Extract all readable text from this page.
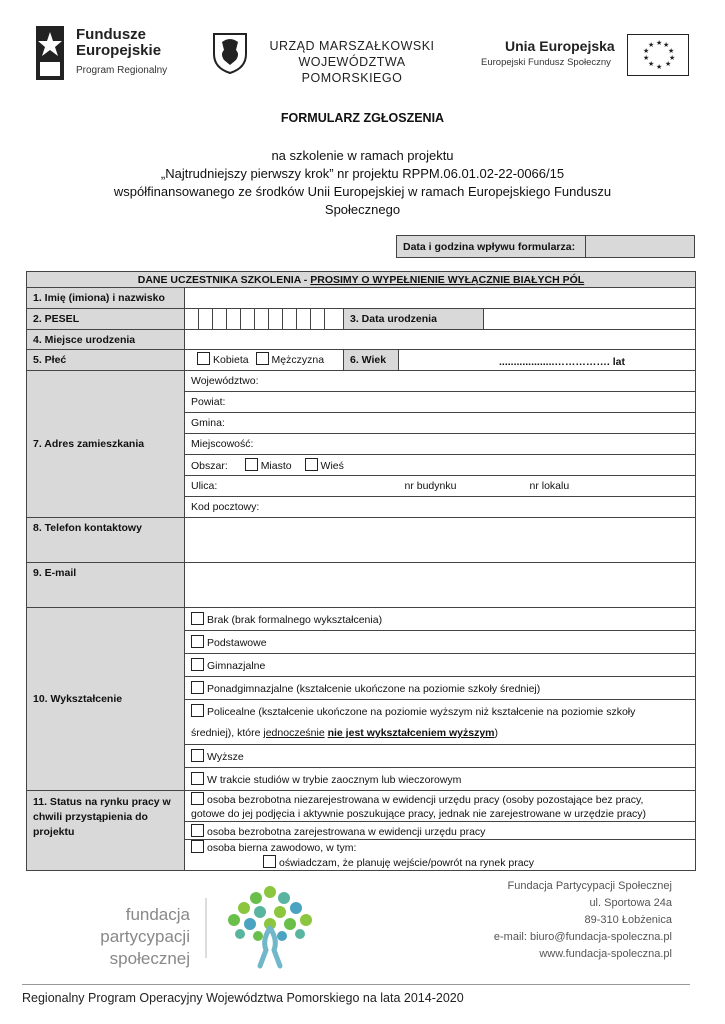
Fundusze
Europejskie
Program Regionalny
URZĄD MARSZAŁKOWSKI
WOJEWÓDZTWA POMORSKIEGO
Unia Europejska
Europejski Fundusz Społeczny
★ ★
★
★
★
★
★
★
★
★
FORMULARZ ZGŁOSZENIA
na szkolenie w ramach projektu
„Najtrudniejszy pierwszy krok” nr projektu RPPM.06.01.02-22-0066/15
współfinansowanego ze środków Unii Europejskiej w ramach Europejskiego Funduszu
Społecznego
Data i godzina wpływu formularza:	
DANE UCZESTNIKA SZKOLENIA - PROSIMY O WYPEŁNIENIE WYŁĄCZNIE BIAŁYCH PÓL	
1. Imię (imiona) i nazwisko	
2. PESEL	3. Data urodzenia

4. Miejsce urodzenia	
5. Płeć	Kobieta Mężczyzna 6. Wiek ...................……………. lat

7. Adres zamieszkania	Województwo:
	Powiat:
	Gmina:
	Miejscowość:
	Obszar: Miasto Wieś
	Ulica: nr budynku nr lokalu

	Kod pocztowy:
8. Telefon kontaktowy	
9. E-mail	
10. Wykształcenie	Brak (brak formalnego wykształcenia)
	Podstawowe
	Gimnazjalne
	Ponadgimnazjalne (kształcenie ukończone na poziomie szkoły średniej)
	Policealne (kształcenie ukończone na poziomie wyższym niż kształcenie na poziomie szkoły
	średniej), które jednocześnie nie jest wykształceniem wyższym)
	Wyższe
	W trakcie studiów w trybie zaocznym lub wieczorowym
11. Status na rynku pracy w chwili przystąpienia do projektu	osoba bezrobotna niezarejestrowana w ewidencji urzędu pracy (osoby pozostające bez pracy,
gotowe do jej podjęcia i aktywnie poszukujące pracy, jednak nie zarejestrowane w urzędzie pracy)
	osoba bezrobotna zarejestrowana w ewidencji urzędu pracy
	osoba bierna zawodowo, w tym:
oświadczam, że planuję wejście/powrót na rynek pracy
fundacja
partycypacji
społecznej
Fundacja Partycypacji Społecznej
ul. Sportowa 24a
89-310 Łobżenica
e-mail: biuro@fundacja-spoleczna.pl
www.fundacja-spoleczna.pl
Regionalny Program Operacyjny Województwa Pomorskiego na lata 2014-2020
